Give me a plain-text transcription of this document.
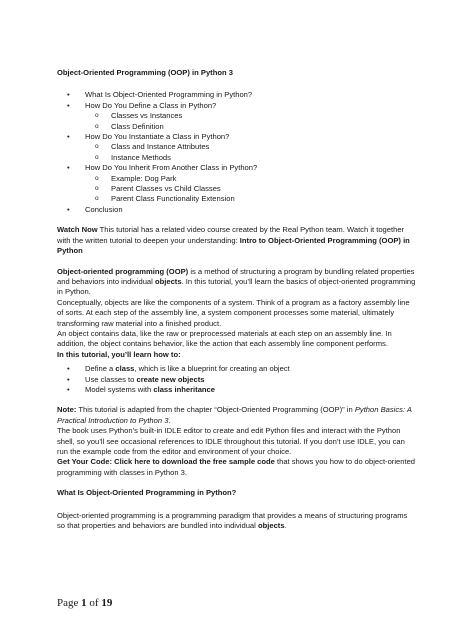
Object-Oriented Programming (OOP) in Python 3

• What Is Object-Oriented Programming in Python?
• How Do You Define a Class in Python?
o Classes vs Instances
o Class Definition
• How Do You Instantiate a Class in Python?
o Class and Instance Attributes
o Instance Methods
• How Do You Inherit From Another Class in Python?
o Example: Dog Park
o Parent Classes vs Child Classes
o Parent Class Functionality Extension
• Conclusion

Watch Now This tutorial has a related video course created by the Real Python team. Watch it together with the written tutorial to deepen your understanding: Intro to Object-Oriented Programming (OOP) in Python

Object-oriented programming (OOP) is a method of structuring a program by bundling related properties and behaviors into individual objects. In this tutorial, you’ll learn the basics of object-oriented programming in Python.

Conceptually, objects are like the components of a system. Think of a program as a factory assembly line of sorts. At each step of the assembly line, a system component processes some material, ultimately transforming raw material into a finished product.

An object contains data, like the raw or preprocessed materials at each step on an assembly line. In addition, the object contains behavior, like the action that each assembly line component performs.

In this tutorial, you’ll learn how to:

• Define a class, which is like a blueprint for creating an object
• Use classes to create new objects
• Model systems with class inheritance

Note: This tutorial is adapted from the chapter “Object-Oriented Programming (OOP)” in Python Basics: A Practical Introduction to Python 3.

The book uses Python’s built-in IDLE editor to create and edit Python files and interact with the Python shell, so you’ll see occasional references to IDLE throughout this tutorial. If you don’t use IDLE, you can run the example code from the editor and environment of your choice.

Get Your Code: Click here to download the free sample code that shows you how to do object-oriented programming with classes in Python 3.

What Is Object-Oriented Programming in Python?

Object-oriented programming is a programming paradigm that provides a means of structuring programs so that properties and behaviors are bundled into individual objects.

Page 1 of 19
